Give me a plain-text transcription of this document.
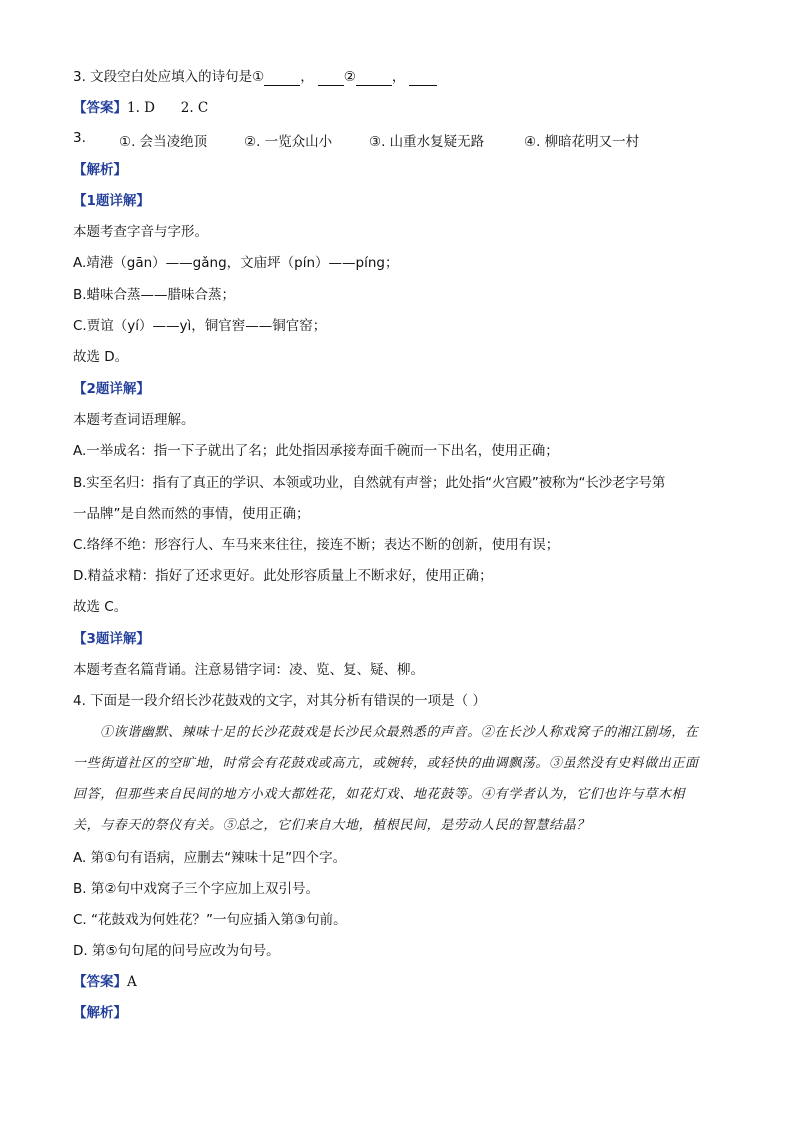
3. 文段空白处应填入的诗句是①	， ②	，
【答案】1. D      2. C
3. ①. 会当凌绝顶	②. 一览众山小	③. 山重水复疑无路	④. 柳暗花明又一村
【解析】
【1题详解】
本题考查字音与字形。
A.靖港（gān）——gǎng，文庙坪（pín）——píng；
B.蜡味合蒸——腊味合蒸；
C.贾谊（yí）——yì，铜官窖——铜官窑；
故选 D。
【2题详解】
本题考查词语理解。
A.一举成名：指一下子就出了名；此处指因承接寿面千碗而一下出名，使用正确；
B.实至名归：指有了真正的学识、本领或功业，自然就有声誉；此处指“火宫殿”被称为“长沙老字号第
一品牌”是自然而然的事情，使用正确；
C.络绎不绝：形容行人、车马来来往往，接连不断；表达不断的创新，使用有误；
D.精益求精：指好了还求更好。此处形容质量上不断求好，使用正确；
故选 C。
【3题详解】
本题考查名篇背诵。注意易错字词：凌、览、复、疑、柳。
4. 下面是一段介绍长沙花鼓戏的文字，对其分析有错误的一项是（ ）
①诙谐幽默、辣味十足的长沙花鼓戏是长沙民众最熟悉的声音。②在长沙人称戏窝子的湘江剧场，在
一些街道社区的空旷地，时常会有花鼓戏或高亢，或婉转，或轻快的曲调飘荡。③虽然没有史料做出正面
回答，但那些来自民间的地方小戏大都姓花，如花灯戏、地花鼓等。④有学者认为，它们也许与草木相
关，与春天的祭仪有关。⑤总之，它们来自大地，植根民间，是劳动人民的智慧结晶？
A. 第①句有语病，应删去“辣味十足”四个字。
B. 第②句中戏窝子三个字应加上双引号。
C. “花鼓戏为何姓花？”一句应插入第③句前。
D. 第⑤句句尾的问号应改为句号。
【答案】A
【解析】
